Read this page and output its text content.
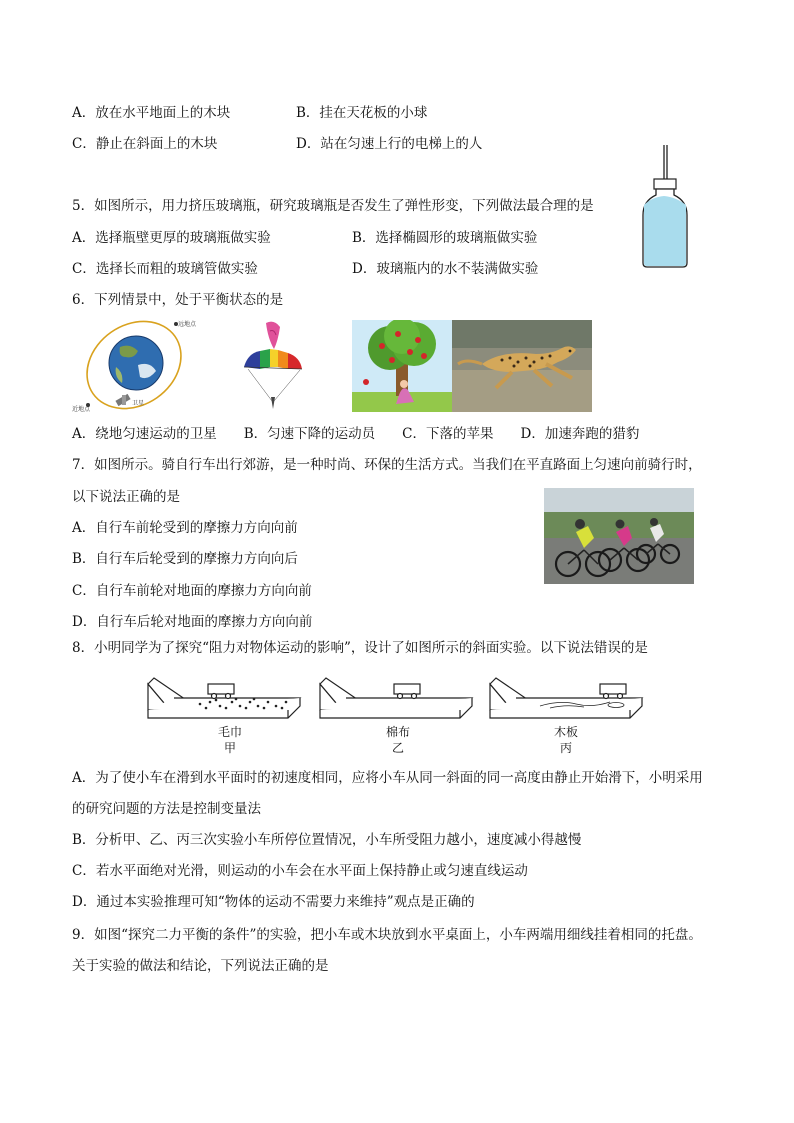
A．放在水平地面上的木块	B．挂在天花板的小球
C．静止在斜面上的木块	D．站在匀速上行的电梯上的人
5．如图所示，用力挤压玻璃瓶，研究玻璃瓶是否发生了弹性形变，下列做法最合理的是
A．选择瓶壁更厚的玻璃瓶做实验	B．选择椭圆形的玻璃瓶做实验
C．选择长而粗的玻璃管做实验	D．玻璃瓶内的水不装满做实验
6．下列情景中，处于平衡状态的是
远地点
近地点
卫星
A．绕地匀速运动的卫星　　B．匀速下降的运动员　　C．下落的苹果　　D．加速奔跑的猎豹
7．如图所示。骑自行车出行郊游，是一种时尚、环保的生活方式。当我们在平直路面上匀速向前骑行时，
以下说法正确的是
A．自行车前轮受到的摩擦力方向向前
B．自行车后轮受到的摩擦力方向向后
C．自行车前轮对地面的摩擦力方向向前
D．自行车后轮对地面的摩擦力方向向前
8．小明同学为了探究“阻力对物体运动的影响”，设计了如图所示的斜面实验。以下说法错误的是
毛巾
甲
棉布
乙
木板
丙
A．为了使小车在滑到水平面时的初速度相同，应将小车从同一斜面的同一高度由静止开始滑下，小明采用
的研究问题的方法是控制变量法
B．分析甲、乙、丙三次实验小车所停位置情况，小车所受阻力越小，速度减小得越慢
C．若水平面绝对光滑，则运动的小车会在水平面上保持静止或匀速直线运动
D．通过本实验推理可知“物体的运动不需要力来维持”观点是正确的
9．如图“探究二力平衡的条件”的实验，把小车或木块放到水平桌面上，小车两端用细线挂着相同的托盘。
关于实验的做法和结论，下列说法正确的是
